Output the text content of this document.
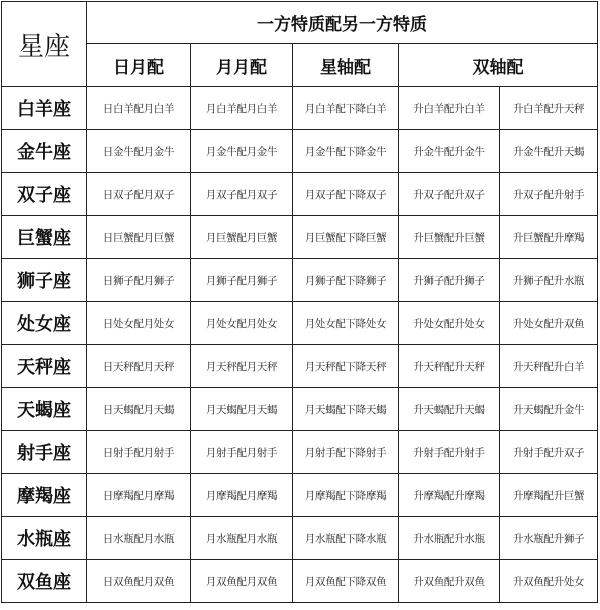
星座	一方特质配另一方特质				
	日月配	月月配	星轴配	双轴配	
白羊座	日白羊配月白羊	月白羊配月白羊	月白羊配下降白羊	升白羊配升白羊	升白羊配升天秤
金牛座	日金牛配月金牛	月金牛配月金牛	月金牛配下降金牛	升金牛配升金牛	升金牛配升天蝎
双子座	日双子配月双子	月双子配月双子	月双子配下降双子	升双子配升双子	升双子配升射手
巨蟹座	日巨蟹配月巨蟹	月巨蟹配月巨蟹	月巨蟹配下降巨蟹	升巨蟹配升巨蟹	升巨蟹配升摩羯
狮子座	日狮子配月狮子	月狮子配月狮子	月狮子配下降狮子	升狮子配升狮子	升狮子配升水瓶
处女座	日处女配月处女	月处女配月处女	月处女配下降处女	升处女配升处女	升处女配升双鱼
天秤座	日天秤配月天秤	月天秤配月天秤	月天秤配下降天秤	升天秤配升天秤	升天秤配升白羊
天蝎座	日天蝎配月天蝎	月天蝎配月天蝎	月天蝎配下降天蝎	升天蝎配升天蝎	升天蝎配升金牛
射手座	日射手配月射手	月射手配月射手	月射手配下降射手	升射手配升射手	升射手配升双子
摩羯座	日摩羯配月摩羯	月摩羯配月摩羯	月摩羯配下降摩羯	升摩羯配升摩羯	升摩羯配升巨蟹
水瓶座	日水瓶配月水瓶	月水瓶配月水瓶	月水瓶配下降水瓶	升水瓶配升水瓶	升水瓶配升狮子
双鱼座	日双鱼配月双鱼	月双鱼配月双鱼	月双鱼配下降双鱼	升双鱼配升双鱼	升双鱼配升处女
